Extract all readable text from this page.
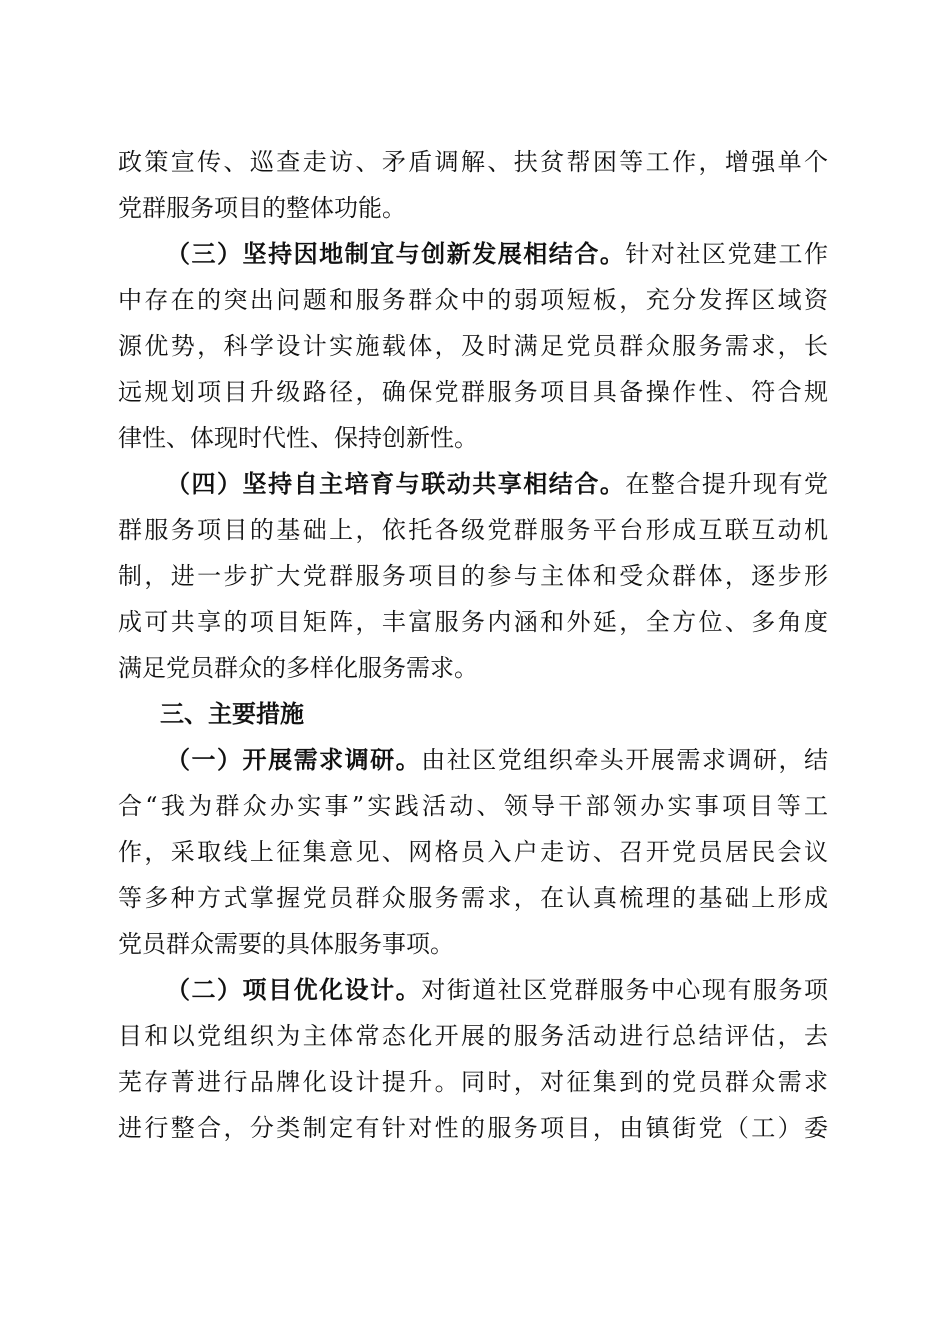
政策宣传、巡查走访、矛盾调解、扶贫帮困等工作，增强单个
党群服务项目的整体功能。
（三）坚持因地制宜与创新发展相结合。针对社区党建工作
中存在的突出问题和服务群众中的弱项短板，充分发挥区域资
源优势，科学设计实施载体，及时满足党员群众服务需求，长
远规划项目升级路径，确保党群服务项目具备操作性、符合规
律性、体现时代性、保持创新性。
（四）坚持自主培育与联动共享相结合。在整合提升现有党
群服务项目的基础上，依托各级党群服务平台形成互联互动机
制，进一步扩大党群服务项目的参与主体和受众群体，逐步形
成可共享的项目矩阵，丰富服务内涵和外延，全方位、多角度
满足党员群众的多样化服务需求。
三、主要措施
（一）开展需求调研。由社区党组织牵头开展需求调研，结
合“我为群众办实事”实践活动、领导干部领办实事项目等工
作，采取线上征集意见、网格员入户走访、召开党员居民会议
等多种方式掌握党员群众服务需求，在认真梳理的基础上形成
党员群众需要的具体服务事项。
（二）项目优化设计。对街道社区党群服务中心现有服务项
目和以党组织为主体常态化开展的服务活动进行总结评估，去
芜存菁进行品牌化设计提升。同时，对征集到的党员群众需求
进行整合，分类制定有针对性的服务项目，由镇街党（工）委
